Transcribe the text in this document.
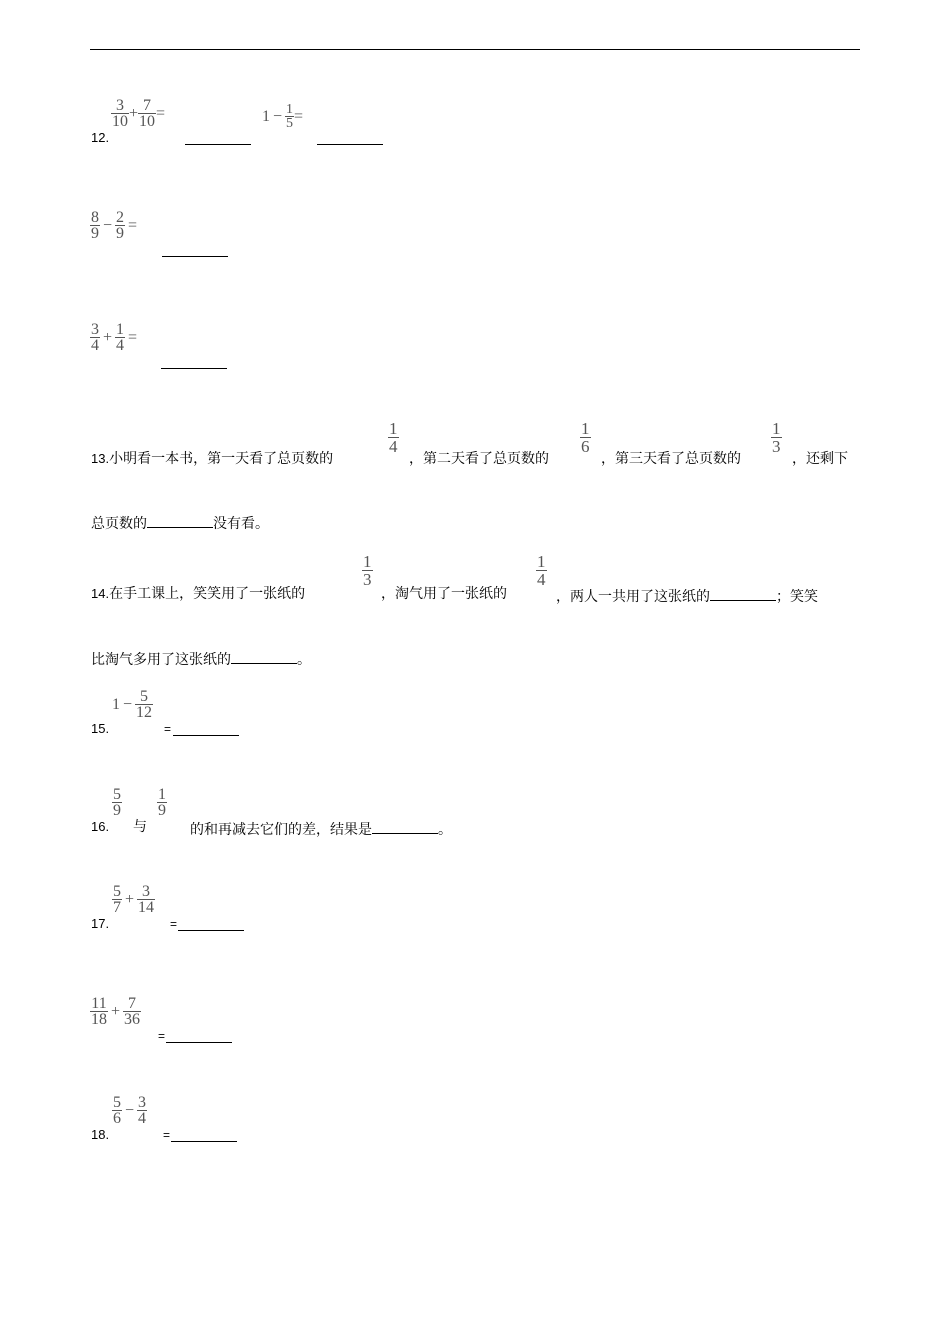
12.
$\frac{3}{10} + \frac{7}{10}$ =	$1 - \frac{1}{5}$ =
$\frac{8}{9} - \frac{2}{9}$ =
$\frac{3}{4} + \frac{1}{4}$ =
13.小明看一本书，第一天看了总页数的
$\frac{1}{4}$
，第二天看了总页数的
$\frac{1}{6}$
，第三天看了总页数的
$\frac{1}{3}$
，还剩下
总页数的	没有看。
14.在手工课上，笑笑用了一张纸的
$\frac{1}{3}$
，淘气用了一张纸的
$\frac{1}{4}$
，两人一共用了这张纸的	；笑笑
比淘气多用了这张纸的	。
15.
$1 - \frac{5}{12}$
=
16.
$\frac{5}{9}$
与
$\frac{1}{9}$
的和再减去它们的差，结果是	。
17.
$\frac{5}{7} + \frac{3}{14}$
=
$\frac{11}{18} + \frac{7}{36}$
=
18.
$\frac{5}{6} - \frac{3}{4}$
=
